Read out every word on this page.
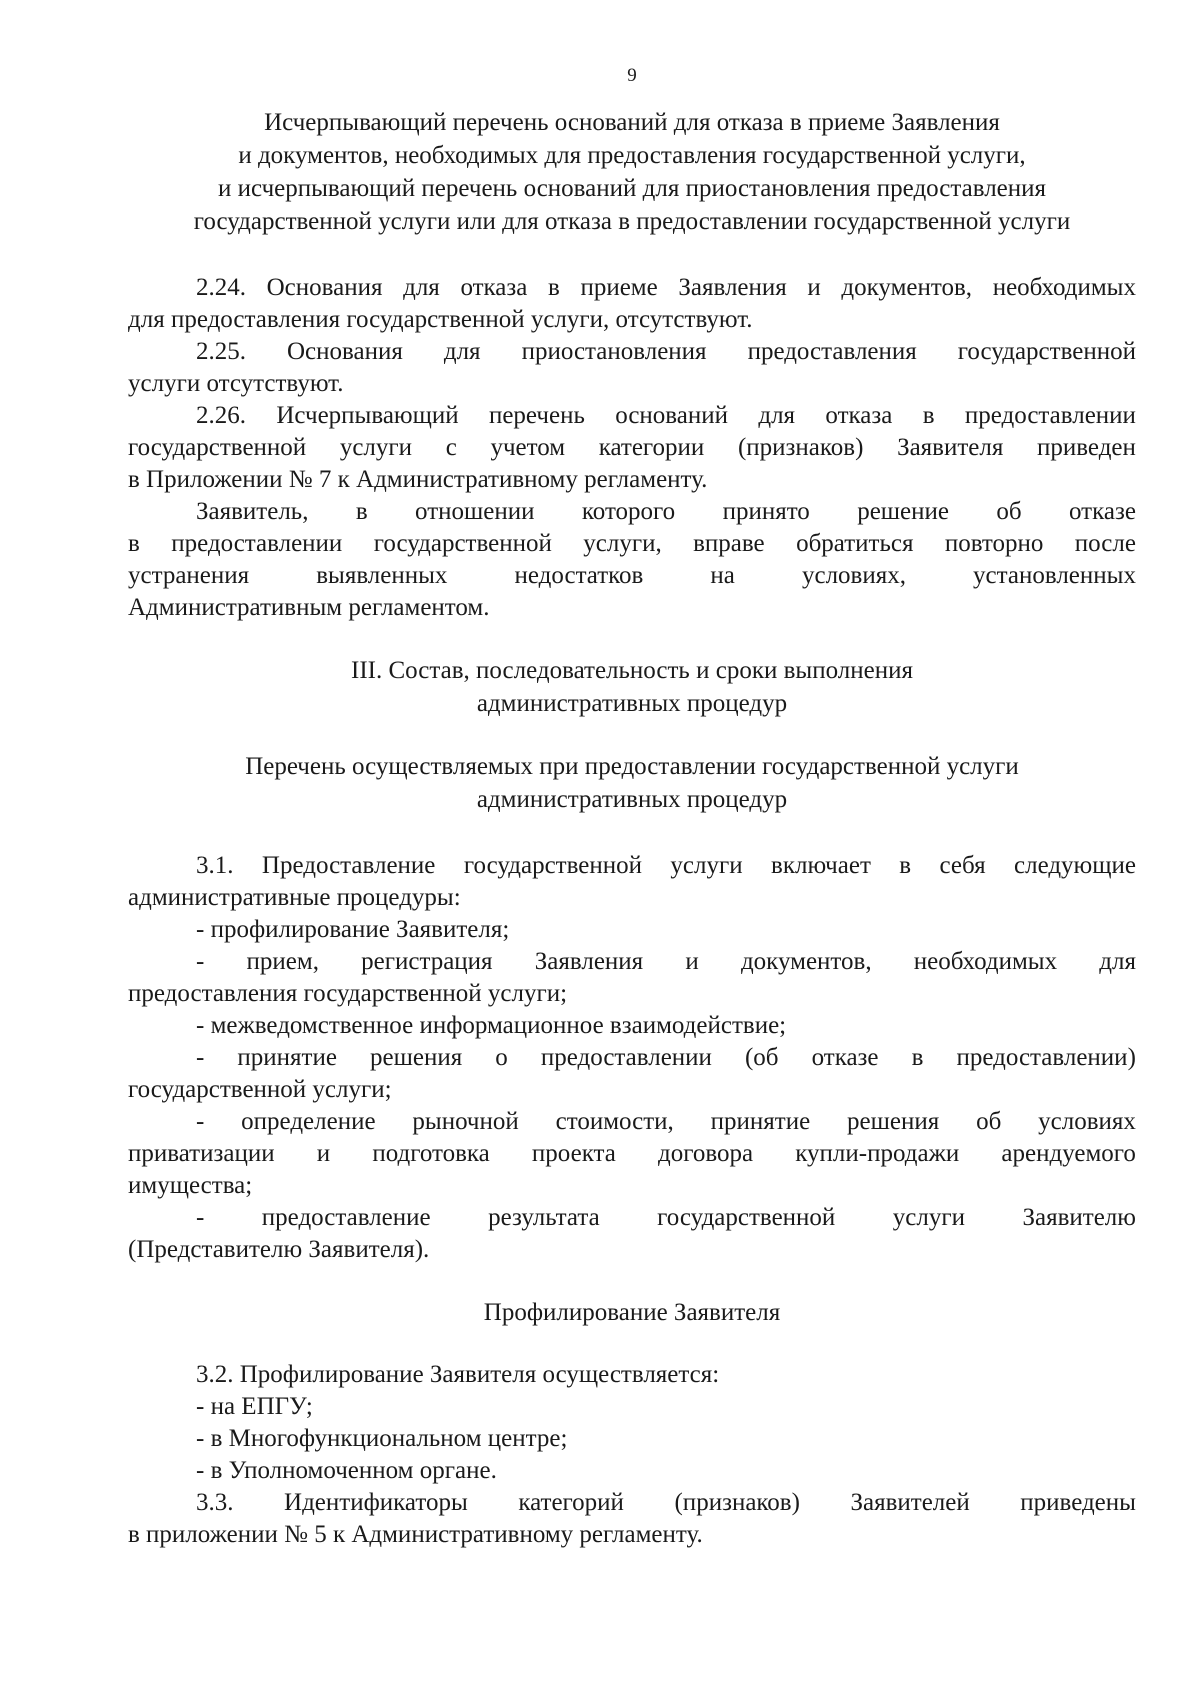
9
Исчерпывающий перечень оснований для отказа в приеме Заявления
и документов, необходимых для предоставления государственной услуги,
и исчерпывающий перечень оснований для приостановления предоставления
государственной услуги или для отказа в предоставлении государственной услуги
2.24. Основания для отказа в приеме Заявления и документов, необходимых
для предоставления государственной услуги, отсутствуют.
2.25. Основания для приостановления предоставления государственной
услуги отсутствуют.
2.26. Исчерпывающий перечень оснований для отказа в предоставлении
государственной услуги с учетом категории (признаков) Заявителя приведен
в Приложении № 7 к Административному регламенту.
Заявитель, в отношении которого принято решение об отказе
в предоставлении государственной услуги, вправе обратиться повторно после
устранения	выявленных	недостатков	на	условиях,	установленных
Административным регламентом.
III. Состав, последовательность и сроки выполнения
административных процедур
Перечень осуществляемых при предоставлении государственной услуги
административных процедур
3.1. Предоставление государственной услуги включает в себя следующие
административные процедуры:
- профилирование Заявителя;
- прием, регистрация Заявления и документов, необходимых для
предоставления государственной услуги;
- межведомственное информационное взаимодействие;
- принятие решения о предоставлении (об отказе в предоставлении)
государственной услуги;
- определение рыночной стоимости, принятие решения об условиях
приватизации и подготовка проекта договора купли-продажи арендуемого
имущества;
- предоставление результата государственной услуги Заявителю
(Представителю Заявителя).
Профилирование Заявителя
3.2. Профилирование Заявителя осуществляется:
- на ЕПГУ;
- в Многофункциональном центре;
- в Уполномоченном органе.
3.3. Идентификаторы категорий (признаков) Заявителей приведены
в приложении № 5 к Административному регламенту.
